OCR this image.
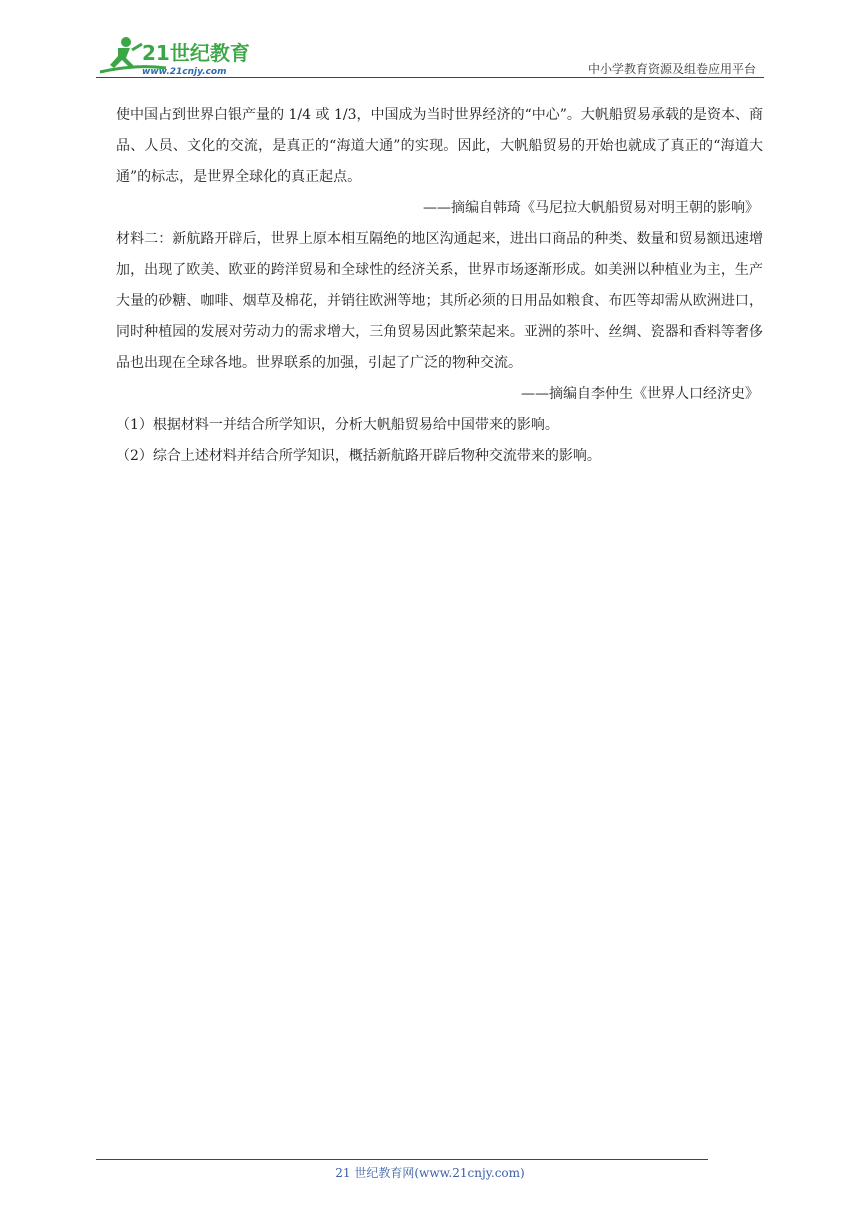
21世纪教育
www.21cnjy.com	中小学教育资源及组卷应用平台

使中国占到世界白银产量的 1/4 或 1/3，中国成为当时世界经济的“中心”。大帆船贸易承载的是资本、商品、人员、文化的交流，是真正的“海道大通”的实现。因此，大帆船贸易的开始也就成了真正的“海道大通”的标志，是世界全球化的真正起点。

——摘编自韩琦《马尼拉大帆船贸易对明王朝的影响》

材料二：新航路开辟后，世界上原本相互隔绝的地区沟通起来，进出口商品的种类、数量和贸易额迅速增加，出现了欧美、欧亚的跨洋贸易和全球性的经济关系，世界市场逐渐形成。如美洲以种植业为主，生产大量的砂糖、咖啡、烟草及棉花，并销往欧洲等地；其所必须的日用品如粮食、布匹等却需从欧洲进口，同时种植园的发展对劳动力的需求增大，三角贸易因此繁荣起来。亚洲的茶叶、丝绸、瓷器和香料等奢侈品也出现在全球各地。世界联系的加强，引起了广泛的物种交流。

——摘编自李仲生《世界人口经济史》

（1）根据材料一并结合所学知识，分析大帆船贸易给中国带来的影响。

（2）综合上述材料并结合所学知识，概括新航路开辟后物种交流带来的影响。

21 世纪教育网(www.21cnjy.com)
